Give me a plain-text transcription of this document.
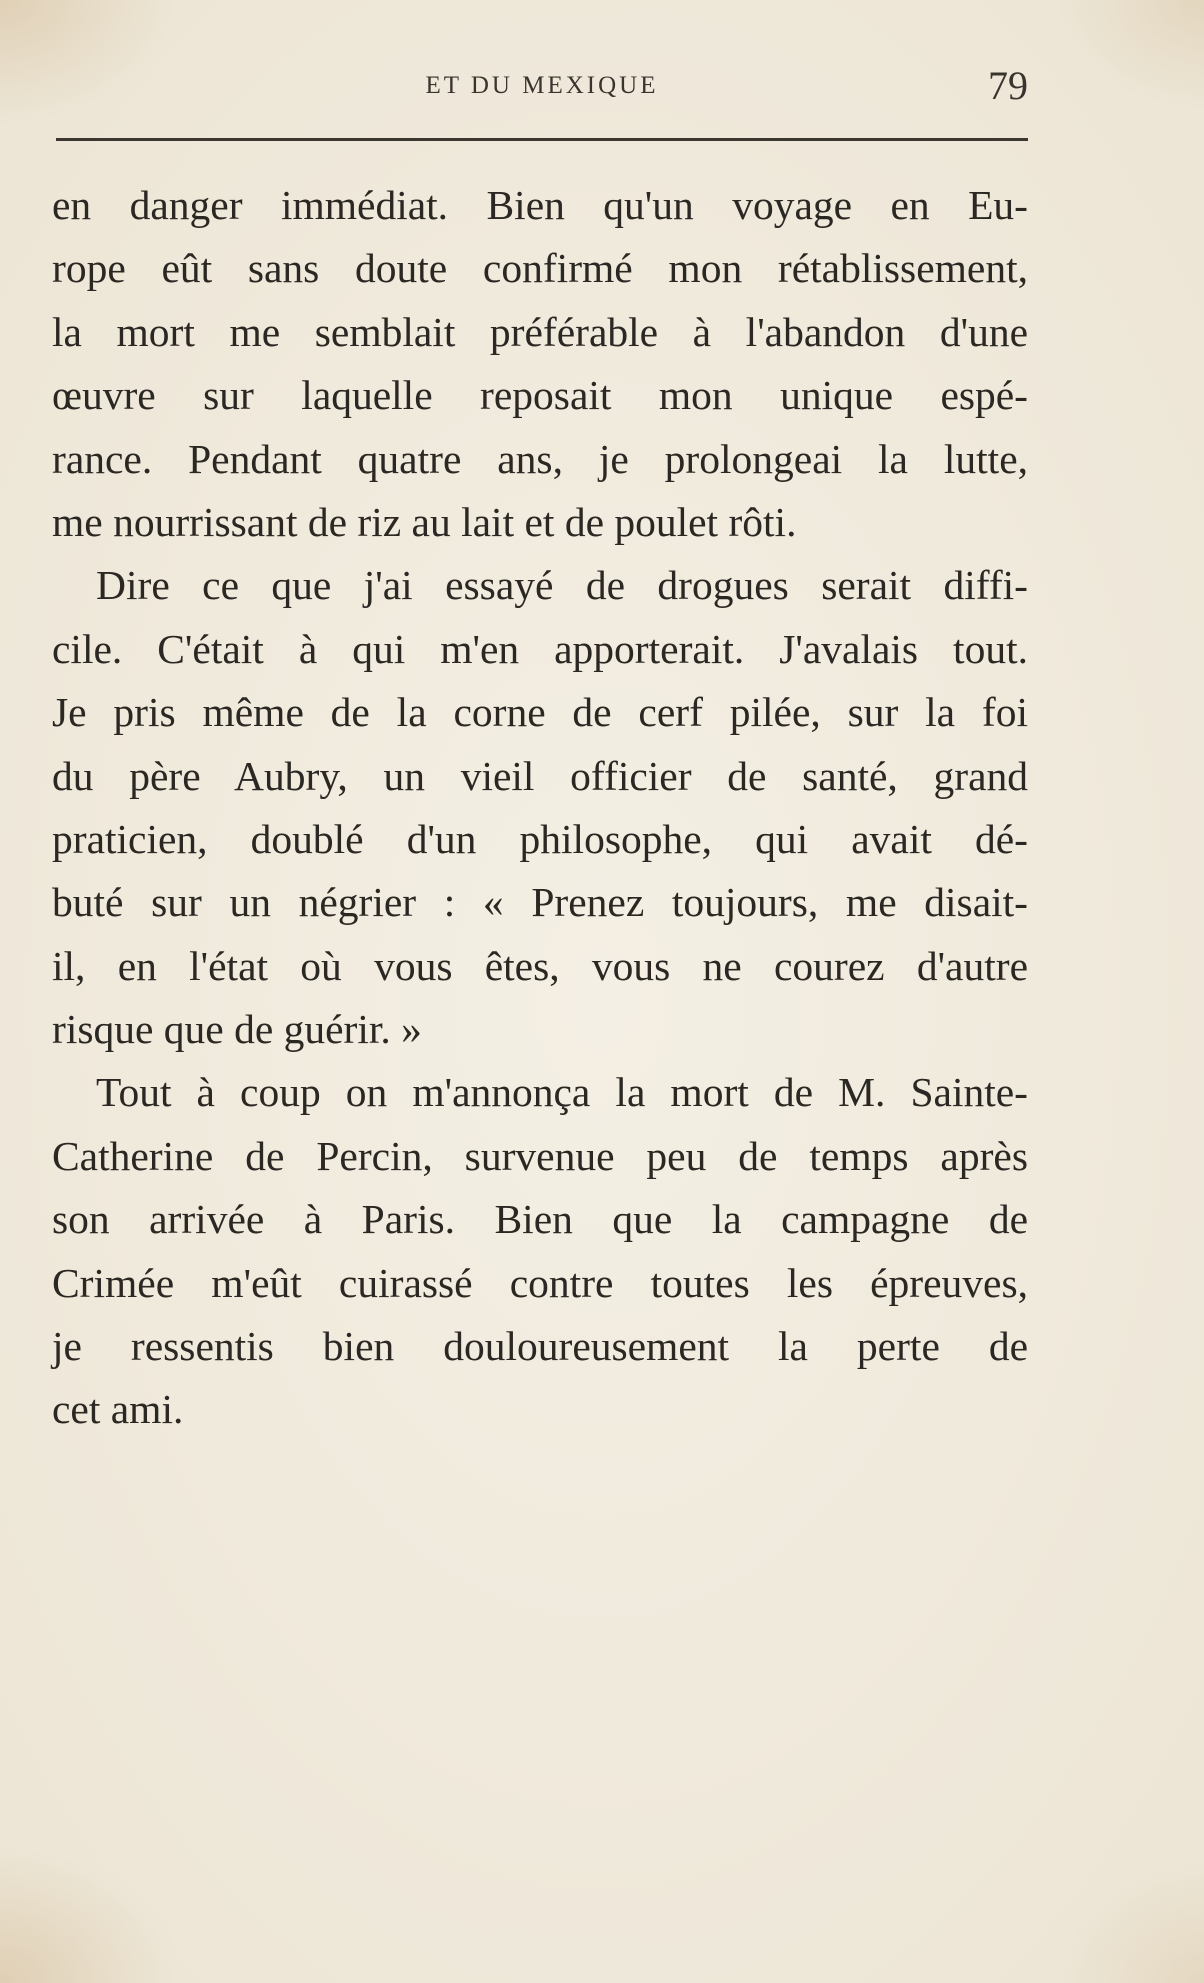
ET DU MEXIQUE	79
en danger immédiat. Bien qu'un voyage en Eu-
rope eût sans doute confirmé mon rétablissement,
la mort me semblait préférable à l'abandon d'une
œuvre sur laquelle reposait mon unique espé-
rance. Pendant quatre ans, je prolongeai la lutte,
me nourrissant de riz au lait et de poulet rôti.
Dire ce que j'ai essayé de drogues serait diffi-
cile. C'était à qui m'en apporterait. J'avalais tout.
Je pris même de la corne de cerf pilée, sur la foi
du père Aubry, un vieil officier de santé, grand
praticien, doublé d'un philosophe, qui avait dé-
buté sur un négrier : « Prenez toujours, me disait-
il, en l'état où vous êtes, vous ne courez d'autre
risque que de guérir. »
Tout à coup on m'annonça la mort de M. Sainte-
Catherine de Percin, survenue peu de temps après
son arrivée à Paris. Bien que la campagne de
Crimée m'eût cuirassé contre toutes les épreuves,
je ressentis bien douloureusement la perte de
cet ami.
